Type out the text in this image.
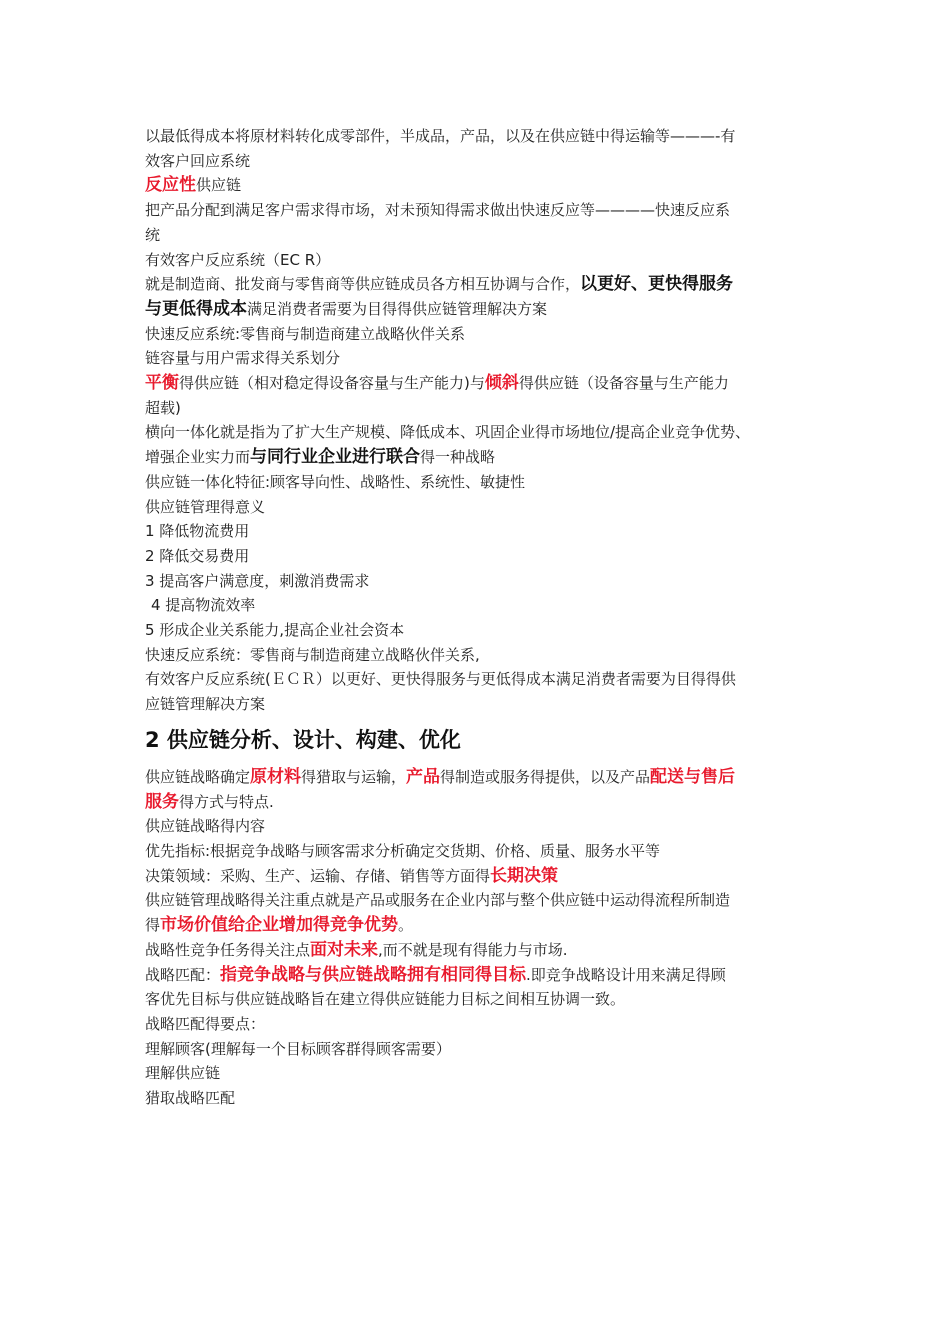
以最低得成本将原材料转化成零部件，半成品，产品，以及在供应链中得运输等———-有
效客户回应系统
反应性供应链
把产品分配到满足客户需求得市场，对未预知得需求做出快速反应等————快速反应系
统
有效客户反应系统（EC R）
就是制造商、批发商与零售商等供应链成员各方相互协调与合作，以更好、更快得服务
与更低得成本满足消费者需要为目得得供应链管理解决方案
快速反应系统:零售商与制造商建立战略伙伴关系
链容量与用户需求得关系划分
平衡得供应链（相对稳定得设备容量与生产能力)与倾斜得供应链（设备容量与生产能力
超载)
横向一体化就是指为了扩大生产规模、降低成本、巩固企业得市场地位/提高企业竞争优势、
增强企业实力而与同行业企业进行联合得一种战略
供应链一体化特征:顾客导向性、战略性、系统性、敏捷性
供应链管理得意义
1 降低物流费用
2 降低交易费用
3 提高客户满意度，刺激消费需求
4 提高物流效率
5 形成企业关系能力,提高企业社会资本
快速反应系统：零售商与制造商建立战略伙伴关系,
有效客户反应系统(ＥＣＲ）以更好、更快得服务与更低得成本满足消费者需要为目得得供
应链管理解决方案
2 供应链分析、设计、构建、优化
供应链战略确定原材料得猎取与运输，产品得制造或服务得提供，以及产品配送与售后
服务得方式与特点.
供应链战略得内容
优先指标:根据竞争战略与顾客需求分析确定交货期、价格、质量、服务水平等
决策领域：采购、生产、运输、存储、销售等方面得长期决策
供应链管理战略得关注重点就是产品或服务在企业内部与整个供应链中运动得流程所制造
得市场价值给企业增加得竞争优势。
战略性竞争任务得关注点面对未来,而不就是现有得能力与市场.
战略匹配：指竞争战略与供应链战略拥有相同得目标.即竞争战略设计用来满足得顾
客优先目标与供应链战略旨在建立得供应链能力目标之间相互协调一致。
战略匹配得要点：
理解顾客(理解每一个目标顾客群得顾客需要）
理解供应链
猎取战略匹配
